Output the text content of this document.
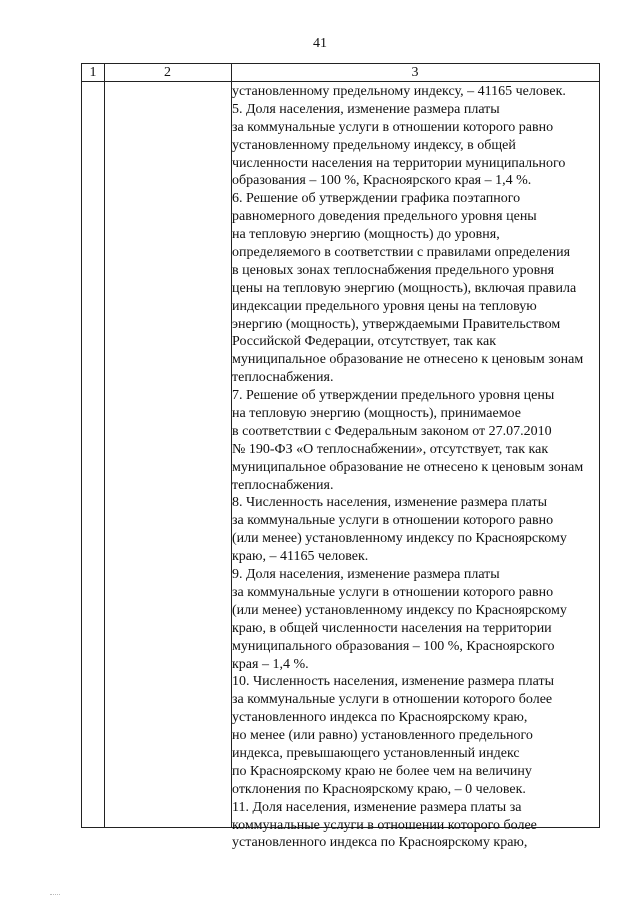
41
1	2	3
установленному предельному индексу, – 41165 человек.
5. Доля населения, изменение размера платы
за коммунальные услуги в отношении которого равно
установленному предельному индексу, в общей
численности населения на территории муниципального
образования – 100 %, Красноярского края – 1,4 %.
6. Решение об утверждении графика поэтапного
равномерного доведения предельного уровня цены
на тепловую энергию (мощность) до уровня,
определяемого в соответствии с правилами определения
в ценовых зонах теплоснабжения предельного уровня
цены на тепловую энергию (мощность), включая правила
индексации предельного уровня цены на тепловую
энергию (мощность), утверждаемыми Правительством
Российской Федерации, отсутствует, так как
муниципальное образование не отнесено к ценовым зонам
теплоснабжения.
7. Решение об утверждении предельного уровня цены
на тепловую энергию (мощность), принимаемое
в соответствии с Федеральным законом от 27.07.2010
№ 190-ФЗ «О теплоснабжении», отсутствует, так как
муниципальное образование не отнесено к ценовым зонам
теплоснабжения.
8. Численность населения, изменение размера платы
за коммунальные услуги в отношении которого равно
(или менее) установленному индексу по Красноярскому
краю, – 41165 человек.
9. Доля населения, изменение размера платы
за коммунальные услуги в отношении которого равно
(или менее) установленному индексу по Красноярскому
краю, в общей численности населения на территории
муниципального образования – 100 %, Красноярского
края – 1,4 %.
10. Численность населения, изменение размера платы
за коммунальные услуги в отношении которого более
установленного индекса по Красноярскому краю,
но менее (или равно) установленного предельного
индекса, превышающего установленный индекс
по Красноярскому краю не более чем на величину
отклонения по Красноярскому краю, – 0 человек.
11. Доля населения, изменение размера платы за
коммунальные услуги в отношении которого более
установленного индекса по Красноярскому краю,
